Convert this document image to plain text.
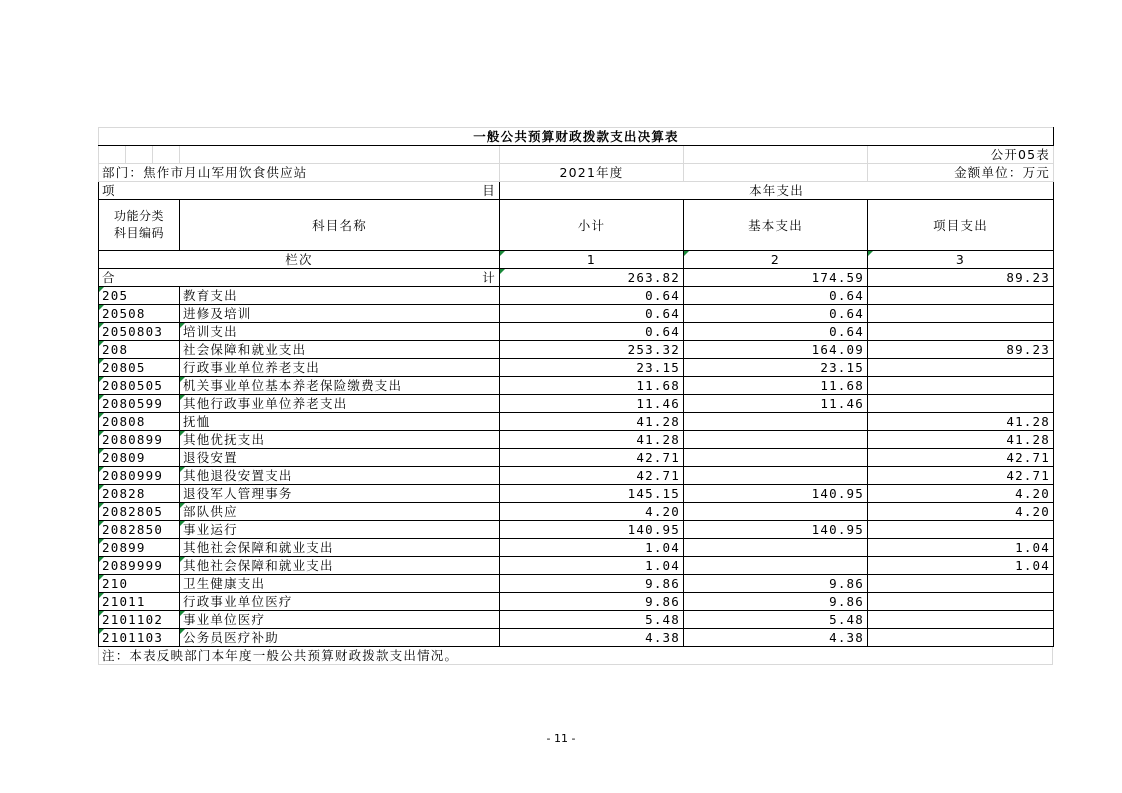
一般公共预算财政拨款支出决算表						
						公开05表
部门：焦作市月山军用饮食供应站				2021年度		金额单位：万元
项 目				本年支出		
功能分类
科目编码			科目名称	小计	基本支出	项目支出
栏次				1	2	3
合 计				263.82	174.59	89.23
205			教育支出	0.64	0.64	
20508			进修及培训	0.64	0.64	
2050803			培训支出	0.64	0.64	
208			社会保障和就业支出	253.32	164.09	89.23
20805			行政事业单位养老支出	23.15	23.15	
2080505			机关事业单位基本养老保险缴费支出	11.68	11.68	
2080599			其他行政事业单位养老支出	11.46	11.46	
20808			抚恤	41.28		41.28
2080899			其他优抚支出	41.28		41.28
20809			退役安置	42.71		42.71
2080999			其他退役安置支出	42.71		42.71
20828			退役军人管理事务	145.15	140.95	4.20
2082805			部队供应	4.20		4.20
2082850			事业运行	140.95	140.95	
20899			其他社会保障和就业支出	1.04		1.04
2089999			其他社会保障和就业支出	1.04		1.04
210			卫生健康支出	9.86	9.86	
21011			行政事业单位医疗	9.86	9.86	
2101102			事业单位医疗	5.48	5.48	
2101103			公务员医疗补助	4.38	4.38	
注：本表反映部门本年度一般公共预算财政拨款支出情况。
- 11 -
